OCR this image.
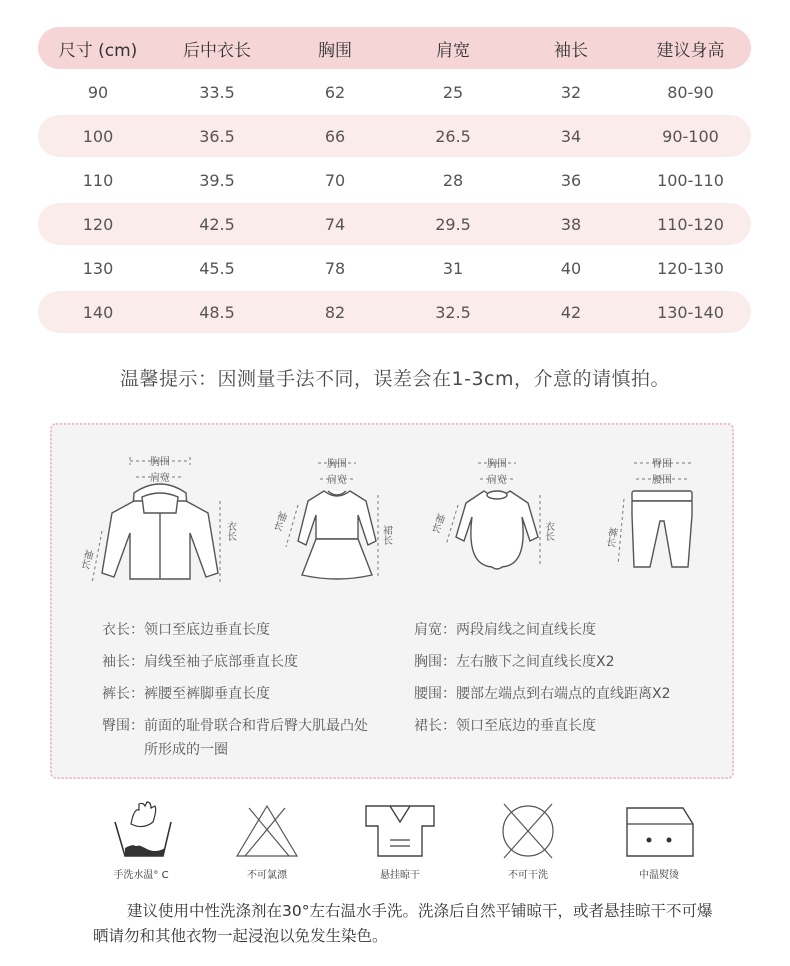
尺寸 (cm)	后中衣长	胸围	肩宽	袖长	建议身高
90	33.5	62	25	32	80-90
100	36.5	66	26.5	34	90-100
110	39.5	70	28	36	100-110
120	42.5	74	29.5	38	110-120
130	45.5	78	31	40	120-130
140	48.5	82	32.5	42	130-140
温馨提示：因测量手法不同，误差会在1-3cm，介意的请慎拍。
胸围
肩宽
衣长
袖长
胸围
肩宽
裙长
袖长
胸围
肩宽
衣长
袖长
臀围
腰围
裤长
衣长：领口至底边垂直长度
袖长：肩线至袖子底部垂直长度
裤长：裤腰至裤脚垂直长度
臀围：前面的耻骨联合和背后臀大肌最凸处
所形成的一圈
肩宽：两段肩线之间直线长度
胸围：左右腋下之间直线长度X2
腰围：腰部左端点到右端点的直线距离X2
裙长：领口至底边的垂直长度
30°
手洗水温° C	不可氯漂	悬挂晾干	不可干洗	中温熨烫
建议使用中性洗涤剂在30°左右温水手洗。洗涤后自然平铺晾干，或者悬挂晾干不可爆晒请勿和其他衣物一起浸泡以免发生染色。
